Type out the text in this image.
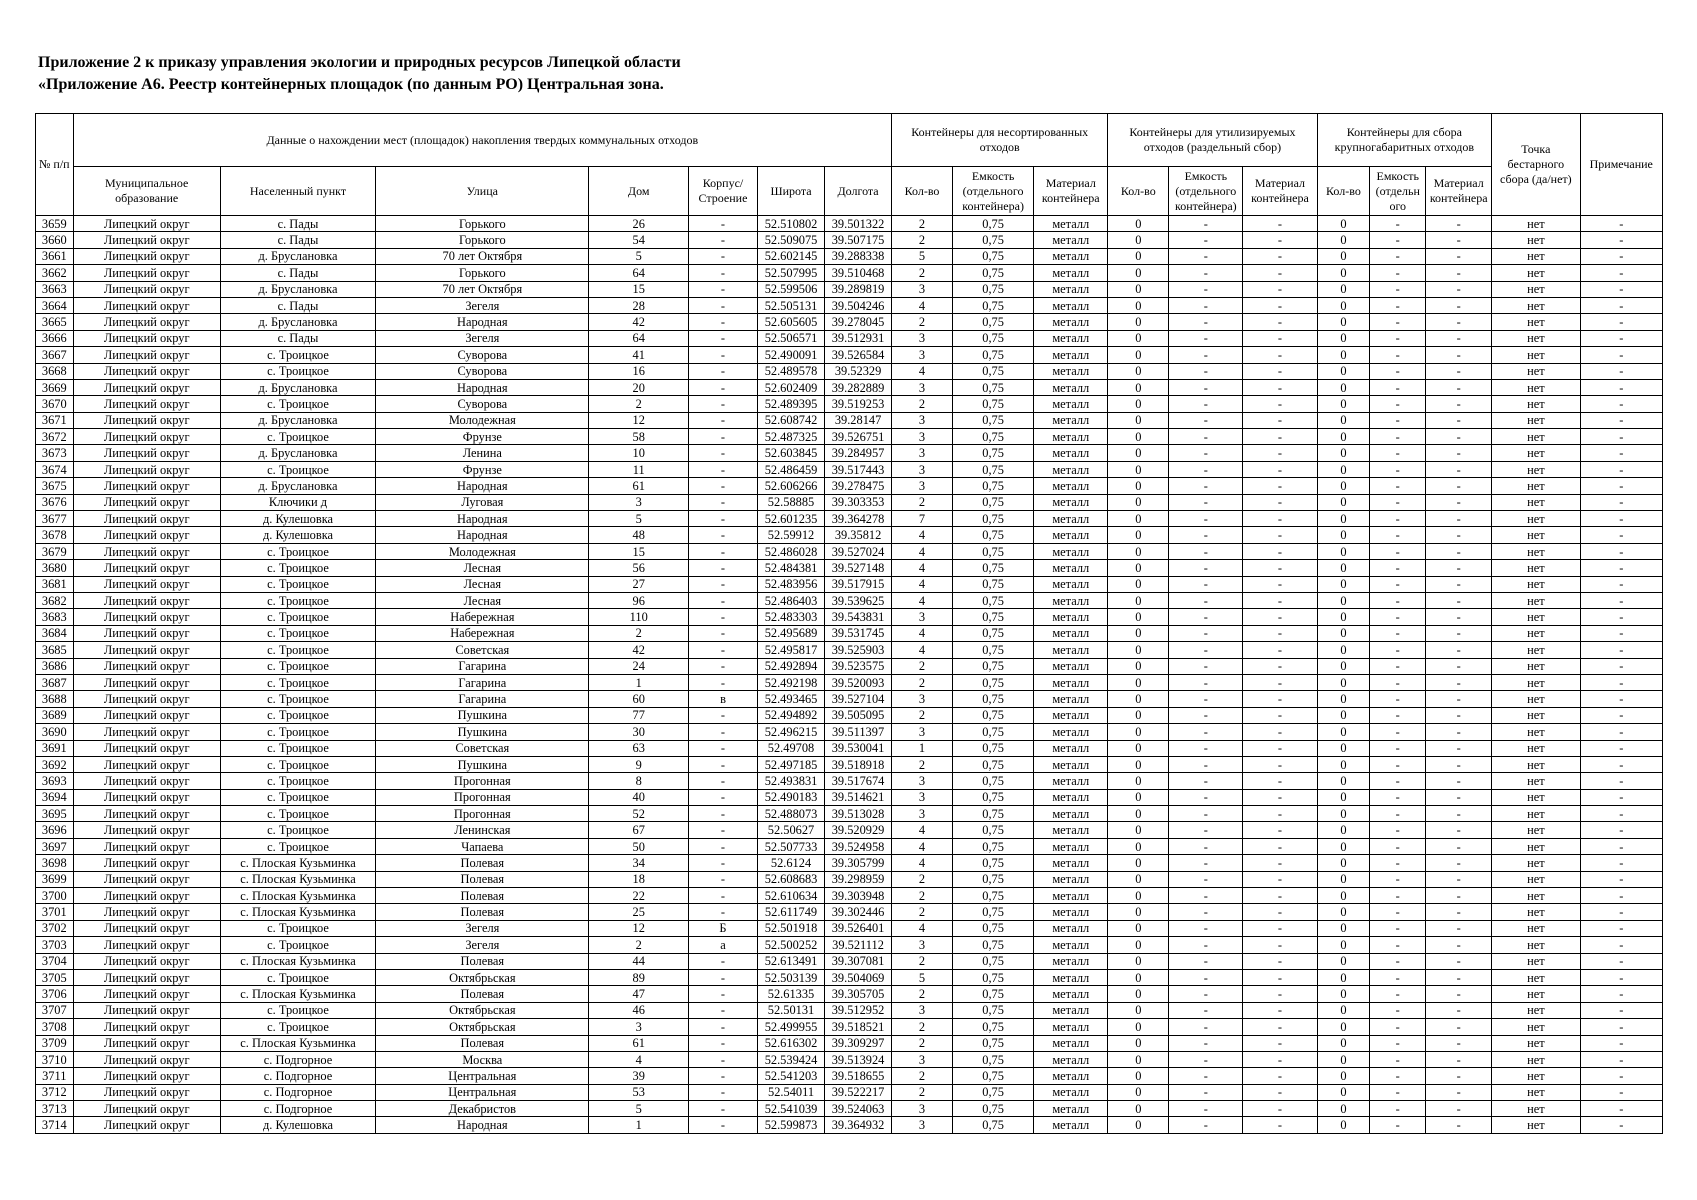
Приложение 2 к приказу управления экологии и природных ресурсов Липецкой области
«Приложение А6. Реестр контейнерных площадок (по данным РО) Центральная зона.
№ п/п	Данные о нахождении мест (площадок) накопления твердых коммунальных отходов							Контейнеры для несортированных отходов			Контейнеры для утилизируемых отходов (раздельный сбор)			Контейнеры для сбора крупногабаритных отходов			Точка бестарного сбора (да/нет)	Примечание
	Муниципальное образование	Населенный пункт	Улица	Дом	Корпус/ Строение	Широта	Долгота	Кол-во	Емкость (отдельного контейнера)	Материал контейнера	Кол-во	Емкость (отдельного контейнера)	Материал контейнера	Кол-во	Емкость (отдельн ого	Материал контейнера		
3659	Липецкий округ	с. Пады	Горького	26	-	52.510802	39.501322	2	0,75	металл	0	-	-	0	-	-	нет	-
3660	Липецкий округ	с. Пады	Горького	54	-	52.509075	39.507175	2	0,75	металл	0	-	-	0	-	-	нет	-
3661	Липецкий округ	д. Бруслановка	70 лет Октября	5	-	52.602145	39.288338	5	0,75	металл	0	-	-	0	-	-	нет	-
3662	Липецкий округ	с. Пады	Горького	64	-	52.507995	39.510468	2	0,75	металл	0	-	-	0	-	-	нет	-
3663	Липецкий округ	д. Бруслановка	70 лет Октября	15	-	52.599506	39.289819	3	0,75	металл	0	-	-	0	-	-	нет	-
3664	Липецкий округ	с. Пады	Зегеля	28	-	52.505131	39.504246	4	0,75	металл	0	-	-	0	-	-	нет	-
3665	Липецкий округ	д. Бруслановка	Народная	42	-	52.605605	39.278045	2	0,75	металл	0	-	-	0	-	-	нет	-
3666	Липецкий округ	с. Пады	Зегеля	64	-	52.506571	39.512931	3	0,75	металл	0	-	-	0	-	-	нет	-
3667	Липецкий округ	с. Троицкое	Суворова	41	-	52.490091	39.526584	3	0,75	металл	0	-	-	0	-	-	нет	-
3668	Липецкий округ	с. Троицкое	Суворова	16	-	52.489578	39.52329	4	0,75	металл	0	-	-	0	-	-	нет	-
3669	Липецкий округ	д. Бруслановка	Народная	20	-	52.602409	39.282889	3	0,75	металл	0	-	-	0	-	-	нет	-
3670	Липецкий округ	с. Троицкое	Суворова	2	-	52.489395	39.519253	2	0,75	металл	0	-	-	0	-	-	нет	-
3671	Липецкий округ	д. Бруслановка	Молодежная	12	-	52.608742	39.28147	3	0,75	металл	0	-	-	0	-	-	нет	-
3672	Липецкий округ	с. Троицкое	Фрунзе	58	-	52.487325	39.526751	3	0,75	металл	0	-	-	0	-	-	нет	-
3673	Липецкий округ	д. Бруслановка	Ленина	10	-	52.603845	39.284957	3	0,75	металл	0	-	-	0	-	-	нет	-
3674	Липецкий округ	с. Троицкое	Фрунзе	11	-	52.486459	39.517443	3	0,75	металл	0	-	-	0	-	-	нет	-
3675	Липецкий округ	д. Бруслановка	Народная	61	-	52.606266	39.278475	3	0,75	металл	0	-	-	0	-	-	нет	-
3676	Липецкий округ	Ключики д	Луговая	3	-	52.58885	39.303353	2	0,75	металл	0	-	-	0	-	-	нет	-
3677	Липецкий округ	д. Кулешовка	Народная	5	-	52.601235	39.364278	7	0,75	металл	0	-	-	0	-	-	нет	-
3678	Липецкий округ	д. Кулешовка	Народная	48	-	52.59912	39.35812	4	0,75	металл	0	-	-	0	-	-	нет	-
3679	Липецкий округ	с. Троицкое	Молодежная	15	-	52.486028	39.527024	4	0,75	металл	0	-	-	0	-	-	нет	-
3680	Липецкий округ	с. Троицкое	Лесная	56	-	52.484381	39.527148	4	0,75	металл	0	-	-	0	-	-	нет	-
3681	Липецкий округ	с. Троицкое	Лесная	27	-	52.483956	39.517915	4	0,75	металл	0	-	-	0	-	-	нет	-
3682	Липецкий округ	с. Троицкое	Лесная	96	-	52.486403	39.539625	4	0,75	металл	0	-	-	0	-	-	нет	-
3683	Липецкий округ	с. Троицкое	Набережная	110	-	52.483303	39.543831	3	0,75	металл	0	-	-	0	-	-	нет	-
3684	Липецкий округ	с. Троицкое	Набережная	2	-	52.495689	39.531745	4	0,75	металл	0	-	-	0	-	-	нет	-
3685	Липецкий округ	с. Троицкое	Советская	42	-	52.495817	39.525903	4	0,75	металл	0	-	-	0	-	-	нет	-
3686	Липецкий округ	с. Троицкое	Гагарина	24	-	52.492894	39.523575	2	0,75	металл	0	-	-	0	-	-	нет	-
3687	Липецкий округ	с. Троицкое	Гагарина	1	-	52.492198	39.520093	2	0,75	металл	0	-	-	0	-	-	нет	-
3688	Липецкий округ	с. Троицкое	Гагарина	60	в	52.493465	39.527104	3	0,75	металл	0	-	-	0	-	-	нет	-
3689	Липецкий округ	с. Троицкое	Пушкина	77	-	52.494892	39.505095	2	0,75	металл	0	-	-	0	-	-	нет	-
3690	Липецкий округ	с. Троицкое	Пушкина	30	-	52.496215	39.511397	3	0,75	металл	0	-	-	0	-	-	нет	-
3691	Липецкий округ	с. Троицкое	Советская	63	-	52.49708	39.530041	1	0,75	металл	0	-	-	0	-	-	нет	-
3692	Липецкий округ	с. Троицкое	Пушкина	9	-	52.497185	39.518918	2	0,75	металл	0	-	-	0	-	-	нет	-
3693	Липецкий округ	с. Троицкое	Прогонная	8	-	52.493831	39.517674	3	0,75	металл	0	-	-	0	-	-	нет	-
3694	Липецкий округ	с. Троицкое	Прогонная	40	-	52.490183	39.514621	3	0,75	металл	0	-	-	0	-	-	нет	-
3695	Липецкий округ	с. Троицкое	Прогонная	52	-	52.488073	39.513028	3	0,75	металл	0	-	-	0	-	-	нет	-
3696	Липецкий округ	с. Троицкое	Ленинская	67	-	52.50627	39.520929	4	0,75	металл	0	-	-	0	-	-	нет	-
3697	Липецкий округ	с. Троицкое	Чапаева	50	-	52.507733	39.524958	4	0,75	металл	0	-	-	0	-	-	нет	-
3698	Липецкий округ	с. Плоская Кузьминка	Полевая	34	-	52.6124	39.305799	4	0,75	металл	0	-	-	0	-	-	нет	-
3699	Липецкий округ	с. Плоская Кузьминка	Полевая	18	-	52.608683	39.298959	2	0,75	металл	0	-	-	0	-	-	нет	-
3700	Липецкий округ	с. Плоская Кузьминка	Полевая	22	-	52.610634	39.303948	2	0,75	металл	0	-	-	0	-	-	нет	-
3701	Липецкий округ	с. Плоская Кузьминка	Полевая	25	-	52.611749	39.302446	2	0,75	металл	0	-	-	0	-	-	нет	-
3702	Липецкий округ	с. Троицкое	Зегеля	12	Б	52.501918	39.526401	4	0,75	металл	0	-	-	0	-	-	нет	-
3703	Липецкий округ	с. Троицкое	Зегеля	2	а	52.500252	39.521112	3	0,75	металл	0	-	-	0	-	-	нет	-
3704	Липецкий округ	с. Плоская Кузьминка	Полевая	44	-	52.613491	39.307081	2	0,75	металл	0	-	-	0	-	-	нет	-
3705	Липецкий округ	с. Троицкое	Октябрьская	89	-	52.503139	39.504069	5	0,75	металл	0	-	-	0	-	-	нет	-
3706	Липецкий округ	с. Плоская Кузьминка	Полевая	47	-	52.61335	39.305705	2	0,75	металл	0	-	-	0	-	-	нет	-
3707	Липецкий округ	с. Троицкое	Октябрьская	46	-	52.50131	39.512952	3	0,75	металл	0	-	-	0	-	-	нет	-
3708	Липецкий округ	с. Троицкое	Октябрьская	3	-	52.499955	39.518521	2	0,75	металл	0	-	-	0	-	-	нет	-
3709	Липецкий округ	с. Плоская Кузьминка	Полевая	61	-	52.616302	39.309297	2	0,75	металл	0	-	-	0	-	-	нет	-
3710	Липецкий округ	с. Подгорное	Москва	4	-	52.539424	39.513924	3	0,75	металл	0	-	-	0	-	-	нет	-
3711	Липецкий округ	с. Подгорное	Центральная	39	-	52.541203	39.518655	2	0,75	металл	0	-	-	0	-	-	нет	-
3712	Липецкий округ	с. Подгорное	Центральная	53	-	52.54011	39.522217	2	0,75	металл	0	-	-	0	-	-	нет	-
3713	Липецкий округ	с. Подгорное	Декабристов	5	-	52.541039	39.524063	3	0,75	металл	0	-	-	0	-	-	нет	-
3714	Липецкий округ	д. Кулешовка	Народная	1	-	52.599873	39.364932	3	0,75	металл	0	-	-	0	-	-	нет	-
